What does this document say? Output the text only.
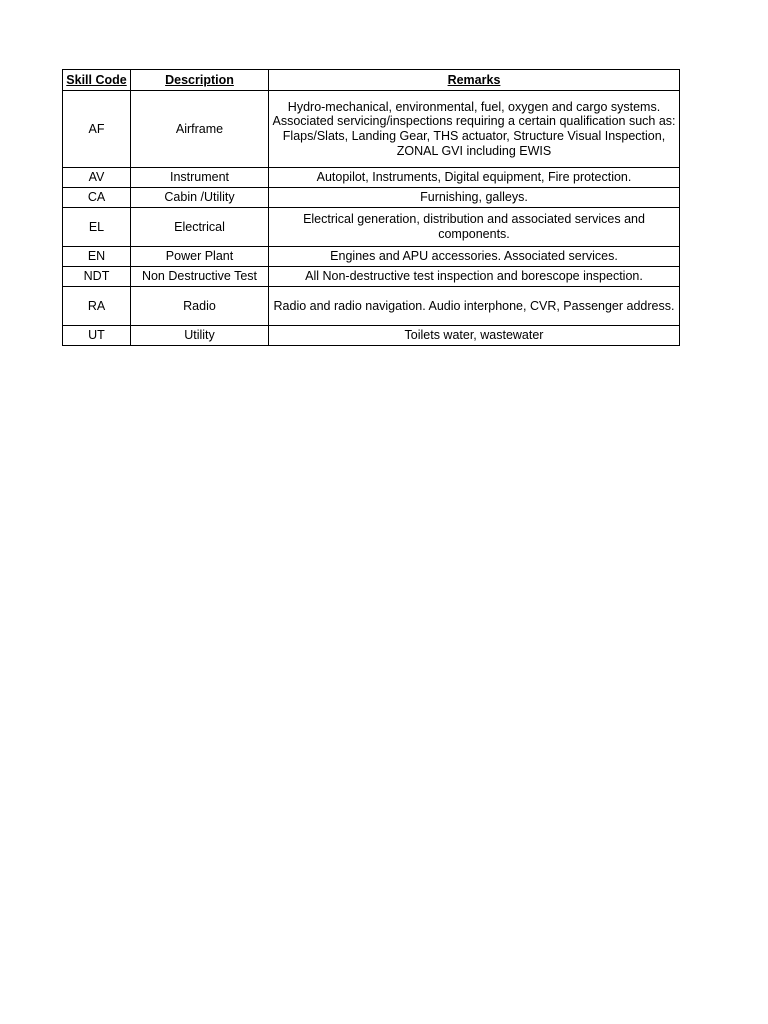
Skill Code	Description	Remarks
AF	Airframe	Hydro-mechanical, environmental, fuel, oxygen and cargo systems. Associated servicing/inspections requiring a certain qualification such as: Flaps/Slats, Landing Gear, THS actuator, Structure Visual Inspection, ZONAL GVI including EWIS
AV	Instrument	Autopilot, Instruments, Digital equipment, Fire protection.
CA	Cabin /Utility	Furnishing, galleys.
EL	Electrical	Electrical generation, distribution and associated services and components.
EN	Power Plant	Engines and APU accessories. Associated services.
NDT	Non Destructive Test	All Non-destructive test inspection and borescope inspection.
RA	Radio	Radio and radio navigation. Audio interphone, CVR, Passenger address.
UT	Utility	Toilets water, wastewater
